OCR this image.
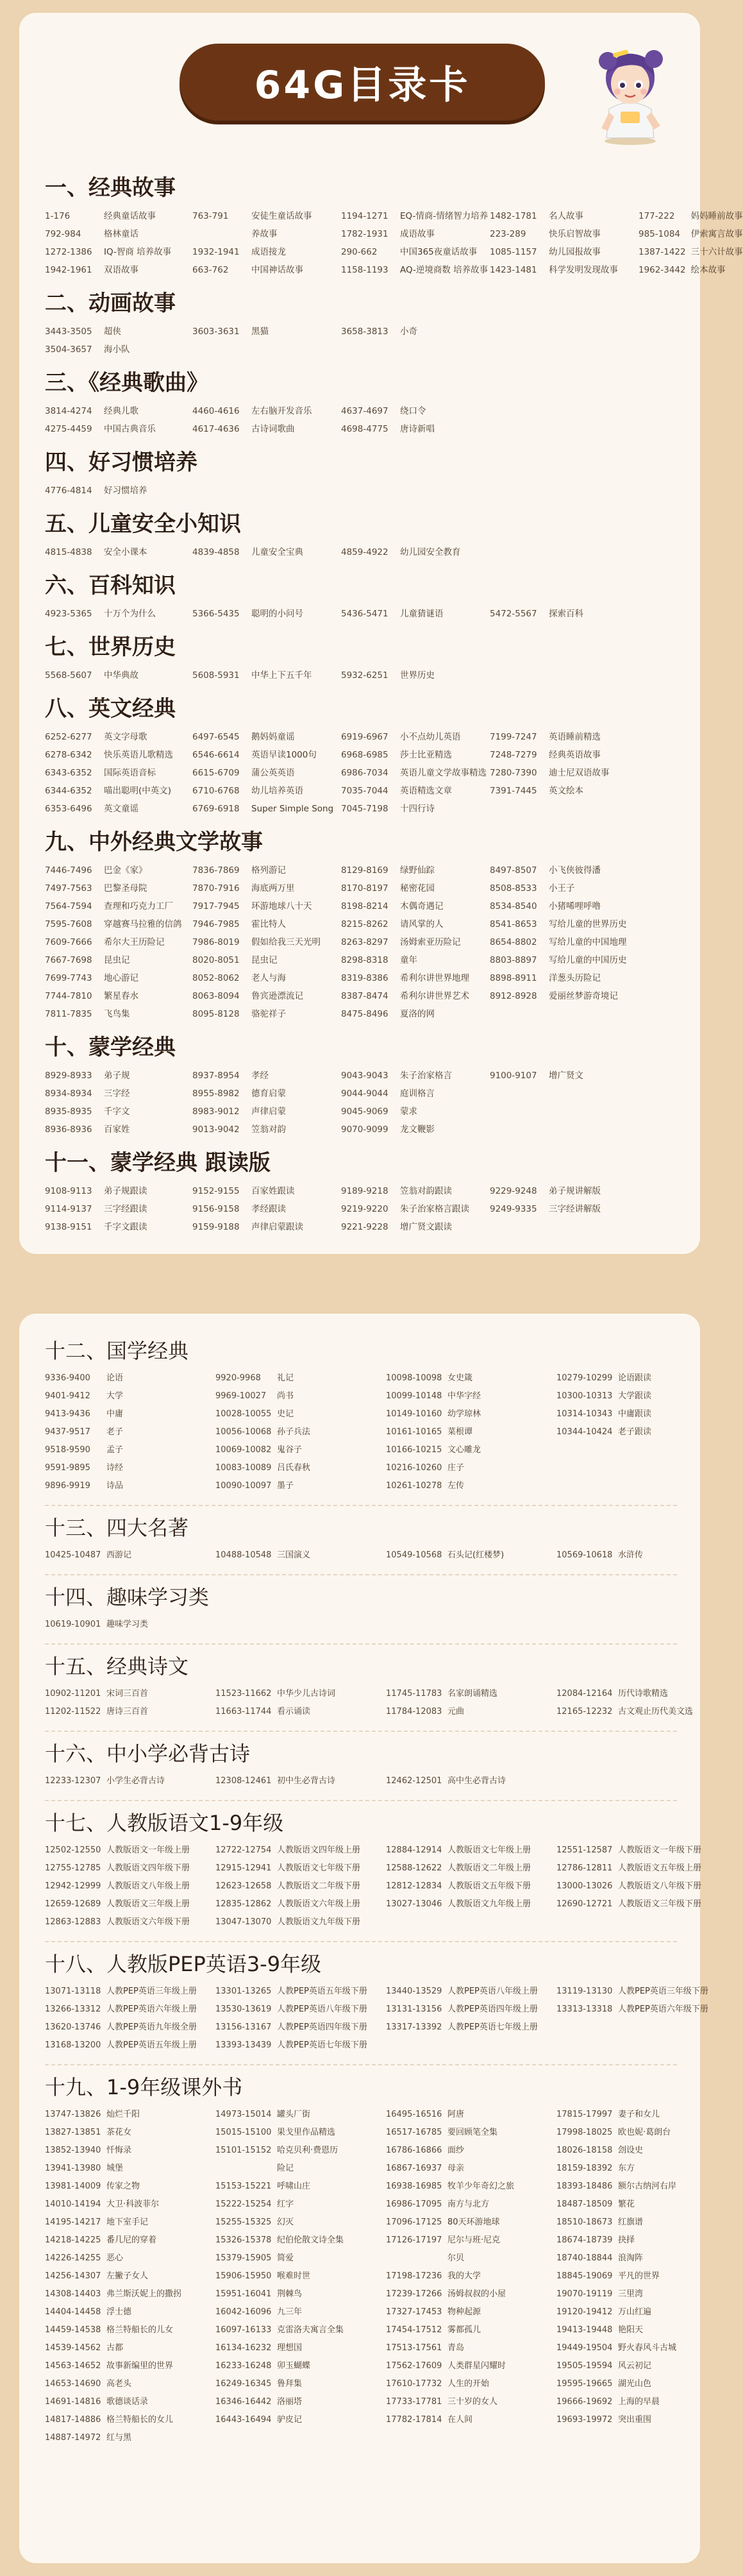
64G目录卡
一、经典故事
1-176	经典童话故事	763-791	安徒生童话故事	1194-1271	EQ-情商-情绪智力培养 1482-1781	名人故事	177-222	妈妈睡前故事
792-984	格林童话	养故事	1782-1931	成语故事	223-289	快乐启智故事	985-1084	伊索寓言故事
1272-1386	IQ-智商 培养故事	1932-1941	成语接龙	290-662	中国365夜童话故事	1085-1157	幼儿园报故事	1387-1422 三十六计故事
1942-1961	双语故事	663-762	中国神话故事	1158-1193	AQ-逆境商数 培养故事 1423-1481	科学发明发现故事	1962-3442 绘本故事
二、动画故事
3443-3505	超侠	3603-3631	黑猫	3658-3813	小奇
3504-3657	海小队
三、《经典歌曲》
3814-4274	经典儿歌	4460-4616	左右脑开发音乐	4637-4697	绕口令
4275-4459	中国古典音乐	4617-4636	古诗词歌曲	4698-4775	唐诗新唱
四、好习惯培养
4776-4814	好习惯培养
五、儿童安全小知识
4815-4838	安全小课本	4839-4858	儿童安全宝典	4859-4922	幼儿园安全教育
六、百科知识
4923-5365	十万个为什么	5366-5435	聪明的小问号	5436-5471	儿童猜谜语	5472-5567	探索百科
七、世界历史
5568-5607	中华典故	5608-5931	中华上下五千年	5932-6251	世界历史
八、英文经典
6252-6277	英文字母歌	6497-6545	鹅妈妈童谣	6919-6967	小不点幼儿英语	7199-7247	英语睡前精选
6278-6342	快乐英语儿歌精选	6546-6614	英语早读1000句	6968-6985	莎士比亚精选	7248-7279	经典英语故事
6343-6352	国际英语音标	6615-6709	蒲公英英语	6986-7034	英语儿童文学故事精选 7280-7390	迪士尼双语故事
6344-6352	喵出聪明(中英文)	6710-6768	幼儿培养英语	7035-7044	英语精选文章	7391-7445	英文绘本
6353-6496	英文童谣	6769-6918	Super Simple Song 7045-7198	十四行诗
九、中外经典文学故事
7446-7496	巴金《家》	7836-7869	格列游记	8129-8169	绿野仙踪	8497-8507	小飞侠彼得潘
7497-7563	巴黎圣母院	7870-7916	海底两万里	8170-8197	秘密花园	8508-8533	小王子
7564-7594	查理和巧克力工厂	7917-7945	环游地球八十天	8198-8214	木偶奇遇记	8534-8540	小猪唏哩呼噜
7595-7608	穿越赛马拉雅的信鸽	7946-7985	霍比特人	8215-8262	请风掌的人	8541-8653	写给儿童的世界历史
7609-7666	希尔大王历险记	7986-8019	假如给我三天光明	8263-8297	汤姆索亚历险记	8654-8802	写给儿童的中国地理
7667-7698	昆虫记	8020-8051	昆虫记	8298-8318	童年	8803-8897	写给儿童的中国历史
7699-7743	地心游记	8052-8062	老人与海	8319-8386	希利尔讲世界地理	8898-8911	洋葱头历险记
7744-7810	繁星春水	8063-8094	鲁宾逊漂流记	8387-8474	希利尔讲世界艺术	8912-8928	爱丽丝梦游奇境记
7811-7835	飞鸟集	8095-8128	骆驼祥子	8475-8496	夏洛的网
十、蒙学经典
8929-8933	弟子规	8937-8954	孝经	9043-9043	朱子治家格言	9100-9107	增广贤文
8934-8934	三字经	8955-8982	德育启蒙	9044-9044	庭训格言
8935-8935	千字文	8983-9012	声律启蒙	9045-9069	蒙求
8936-8936	百家姓	9013-9042	笠翁对韵	9070-9099	龙文鞭影
十一、蒙学经典 跟读版
9108-9113	弟子规跟读	9152-9155	百家姓跟读	9189-9218	笠翁对韵跟读	9229-9248	弟子规讲解版
9114-9137	三字经跟读	9156-9158	孝经跟读	9219-9220	朱子治家格言跟读	9249-9335	三字经讲解版
9138-9151	千字文跟读	9159-9188	声律启蒙跟读	9221-9228	增广贤文跟读
十二、国学经典
9336-9400	论语	9920-9968	礼记	10098-10098 女史箴	10279-10299 论语跟读
9401-9412	大学	9969-10027	尚书	10099-10148 中华字经	10300-10313 大学跟读
9413-9436	中庸	10028-10055 史记	10149-10160 幼学琼林	10314-10343 中庸跟读
9437-9517	老子	10056-10068 孙子兵法	10161-10165 菜根谭	10344-10424 老子跟读
9518-9590	孟子	10069-10082 鬼谷子	10166-10215 文心雕龙
9591-9895	诗经	10083-10089 吕氏春秋	10216-10260 庄子
9896-9919	诗品	10090-10097 墨子	10261-10278 左传
十三、四大名著
10425-10487 西游记	10488-10548 三国演义	10549-10568 石头记(红楼梦)	10569-10618 水浒传
十四、趣味学习类
10619-10901 趣味学习类
十五、经典诗文
10902-11201 宋词三百首	11523-11662 中华少儿古诗词	11745-11783 名家朗诵精选	12084-12164 历代诗歌精选
11202-11522 唐诗三百首	11663-11744 看示诵读	11784-12083 元曲	12165-12232 古文观止历代美文选
十六、中小学必背古诗
12233-12307 小学生必背古诗	12308-12461 初中生必背古诗	12462-12501 高中生必背古诗
十七、人教版语文1-9年级
12502-12550 人教版语文一年级上册	12722-12754 人教版语文四年级上册	12884-12914 人教版语文七年级上册	12551-12587 人教版语文一年级下册
12755-12785 人教版语文四年级下册	12915-12941 人教版语文七年级下册	12588-12622 人教版语文二年级上册	12786-12811 人教版语文五年级上册
12942-12999 人教版语文八年级上册	12623-12658 人教版语文二年级下册	12812-12834 人教版语文五年级下册	13000-13026 人教版语文八年级下册
12659-12689 人教版语文三年级上册	12835-12862 人教版语文六年级上册	13027-13046 人教版语文九年级上册	12690-12721 人教版语文三年级下册
12863-12883 人教版语文六年级下册	13047-13070 人教版语文九年级下册
十八、人教版PEP英语3-9年级
13071-13118 人教PEP英语三年级上册	13301-13265 人教PEP英语五年级下册	13440-13529 人教PEP英语八年级上册	13119-13130 人教PEP英语三年级下册
13266-13312 人教PEP英语六年级上册	13530-13619 人教PEP英语八年级下册	13131-13156 人教PEP英语四年级上册	13313-13318 人教PEP英语六年级下册
13620-13746 人教PEP英语九年级全册	13156-13167 人教PEP英语四年级下册	13317-13392 人教PEP英语七年级上册
13168-13200 人教PEP英语五年级上册	13393-13439 人教PEP英语七年级下册
十九、1-9年级课外书
13747-13826 灿烂千阳	14973-15014 罐头厂街	16495-16516 阿唐	17815-17997 妻子和女儿
13827-13851 茶花女	15015-15100 果戈里作品精选	16517-16785 要回顾笔全集	17998-18025 欧也妮·葛朗台
13852-13940 忏悔录	15101-15152 哈克贝利·费恩历	16786-16866 面纱	18026-18158 刽设史
13941-13980 城堡	险记	16867-16937 母亲	18159-18392 东方
13981-14009 传家之物	15153-15221 呼啸山庄	16938-16985 牧羊少年奇幻之旅	18393-18486 额尔古纳河右岸
14010-14194 大卫·科波菲尔	15222-15254 红字	16986-17095 南方与北方	18487-18509 繁花
14195-14217 地下室手记	15255-15325 幻灭	17096-17125 80天环游地球	18510-18673 红旗谱
14218-14225 番几尼的穿着	15326-15378 纪伯伦散文诗全集	17126-17197 尼尔与班·尼克	18674-18739 抉择
14226-14255 恶心	15379-15905 简爱	尔贝	18740-18844 浪淘阵
14256-14307 左撇子女人	15906-15950 喉难时世	17198-17236 我的大学	18845-19069 平凡的世界
14308-14403 弗兰斯沃妮上的撒拐	15951-16041 荆棘鸟	17239-17266 汤姆叔叔的小屋	19070-19119 三里湾
14404-14458 浮士德	16042-16096 九三年	17327-17453 物种起源	19120-19412 万山红遍
14459-14538 格兰特船长的儿女	16097-16133 克雷洛夫寓言全集	17454-17512 雾都孤儿	19413-19448 艳阳天
14539-14562 古都	16134-16232 理想国	17513-17561 青岛	19449-19504 野火春风斗古城
14563-14652 故事新编里的世界	16233-16248 卯玉蝴蝶	17562-17609 人类群星闪耀时	19505-19594 风云初记
14653-14690 高老头	16249-16345 鲁拜集	17610-17732 人生的开始	19595-19665 湖光山色
14691-14816 歌德谈话录	16346-16442 洛丽塔	17733-17781 三十岁的女人	19666-19692 上海的早晨
14817-14886 格兰特船长的女儿	16443-16494 驴皮记	17782-17814 在人间	19693-19972 突出重围
14887-14972 红与黑
